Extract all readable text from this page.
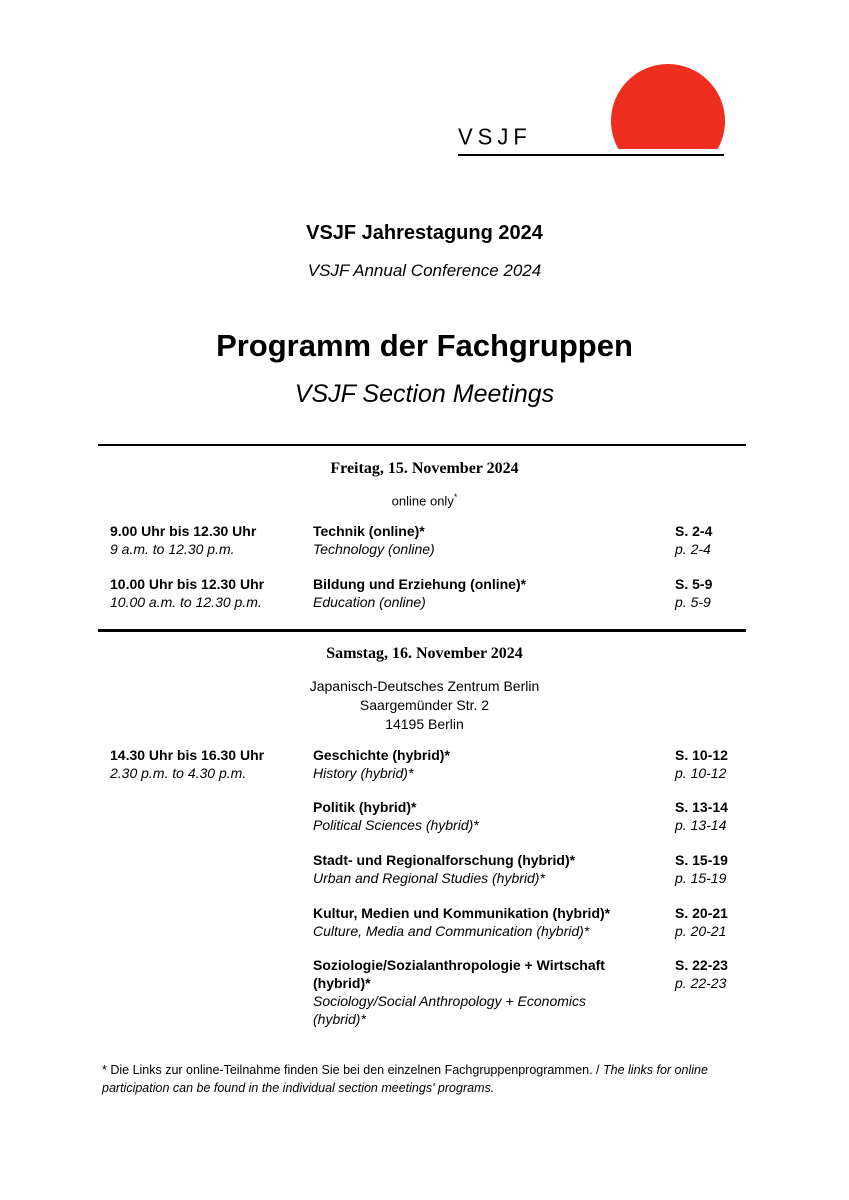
VSJF
VSJF Jahrestagung 2024
VSJF Annual Conference 2024
Programm der Fachgruppen
VSJF Section Meetings
Freitag, 15. November 2024
online only*
9.00 Uhr bis 12.30 Uhr
9 a.m. to 12.30 p.m.
Technik (online)*
Technology (online)
S. 2-4
p. 2-4
10.00 Uhr bis 12.30 Uhr
10.00 a.m. to 12.30 p.m.
Bildung und Erziehung (online)*
Education (online)
S. 5-9
p. 5-9
Samstag, 16. November 2024
Japanisch-Deutsches Zentrum Berlin
Saargemünder Str. 2
14195 Berlin
14.30 Uhr bis 16.30 Uhr
2.30 p.m. to 4.30 p.m.
Geschichte (hybrid)*
History (hybrid)*
S. 10-12
p. 10-12
Politik (hybrid)*
Political Sciences (hybrid)*
S. 13-14
p. 13-14
Stadt- und Regionalforschung (hybrid)*
Urban and Regional Studies (hybrid)*
S. 15-19
p. 15-19
Kultur, Medien und Kommunikation (hybrid)*
Culture, Media and Communication (hybrid)*
S. 20-21
p. 20-21
Soziologie/Sozialanthropologie + Wirtschaft
(hybrid)*
Sociology/Social Anthropology + Economics
(hybrid)*
S. 22-23
p. 22-23
* Die Links zur online-Teilnahme finden Sie bei den einzelnen Fachgruppenprogrammen. / The links for online participation can be found in the individual section meetings' programs.
